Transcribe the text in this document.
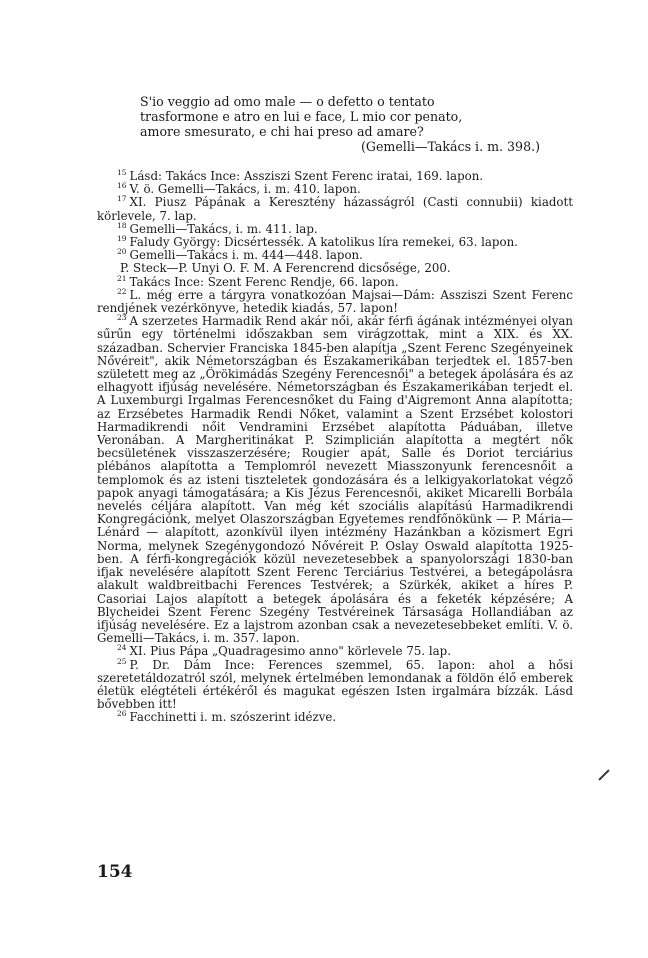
S'io veggio ad omo male — o defetto o tentato
trasformone e atro en lui e face, L mio cor penato,
amore smesurato, e chi hai preso ad amare?
(Gemelli—Takács i. m. 398.)
$^{15}$ Lásd: Takács Ince: Assziszi Szent Ferenc iratai, 169. lapon.
$^{16}$ V. ö. Gemelli—Takács, i. m. 410. lapon.
$^{17}$ XI. Piusz Pápának a Keresztény házasságról (Casti connubii) kiadott körlevele, 7. lap.
$^{18}$ Gemelli—Takács, i. m. 411. lap.
$^{19}$ Faludy György: Dicsértessék. A katolikus líra remekei, 63. lapon.
$^{20}$ Gemelli—Takács i. m. 444—448. lapon.
P. Steck—P. Unyi O. F. M. A Ferencrend dicsősége, 200.
$^{21}$ Takács Ince: Szent Ferenc Rendje, 66. lapon.
$^{22}$ L. még erre a tárgyra vonatkozóan Majsai—Dám: Assziszi Szent Ferenc rendjének vezérkönyve, hetedik kiadás, 57. lapon!
$^{23}$ A szerzetes Harmadik Rend akár női, akár férfi ágának intézményei olyan sűrűn egy történelmi időszakban sem virágzottak, mint a XIX. és XX. században. Schervier Franciska 1845-ben alapítja „Szent Ferenc Szegényeinek Nővéreit", akik Németországban és Északamerikában terjedtek el. 1857-ben született meg az „Örökimádás Szegény Ferencesnői" a betegek ápolására és az elhagyott ifjúság nevelésére. Németországban és Északamerikában terjedt el. A Luxemburgi Irgalmas Ferencesnőket du Faing d'Aigremont Anna alapította; az Erzsébetes Harmadik Rendi Nőket, valamint a Szent Erzsébet kolostori Harmadikrendi nőit Vendramini Erzsébet alapította Páduában, illetve Veronában. A Margheritinákat P. Szimplicián alapította a megtért nők becsületének visszaszerzésére; Rougier apát, Salle és Doriot terciárius plébános alapította a Templomról nevezett Miasszonyunk ferencesnőit a templomok és az isteni tiszteletek gondozására és a lelkigyakorlatokat végző papok anyagi támogatására; a Kis Jézus Ferencesnői, akiket Micarelli Borbála nevelés céljára alapított. Van még két szociális alapítású Harmadikrendi Kongregációnk, melyet Olaszországban Egyetemes rendfőnökünk — P. Mária—Lénárd — alapított, azonkívül ilyen intézmény Hazánkban a közismert Egri Norma, melynek Szegénygondozó Nővéreit P. Oslay Oswald alapította 1925-ben. A férfi-kongregációk közül nevezetesebbek a spanyolországi 1830-ban ifjak nevelésére alapított Szent Ferenc Terciárius Testvérei, a betegápolásra alakult waldbreitbachi Ferences Testvérek; a Szürkék, akiket a híres P. Casoriai Lajos alapított a betegek ápolására és a feketék képzésére; A Blycheidei Szent Ferenc Szegény Testvéreinek Társasága Hollandiában az ifjúság nevelésére. Ez a lajstrom azonban csak a nevezetesebbeket említi. V. ö. Gemelli—Takács, i. m. 357. lapon.
$^{24}$ XI. Pius Pápa „Quadragesimo anno" körlevele 75. lap.
$^{25}$ P. Dr. Dám Ince: Ferences szemmel, 65. lapon: ahol a hősi szeretetáldozatról szól, melynek értelmében lemondanak a földön élő emberek életük elégtételi értékéről és magukat egészen Isten irgalmára bízzák. Lásd bővebben itt!
$^{26}$ Facchinetti i. m. szószerint idézve.
154
